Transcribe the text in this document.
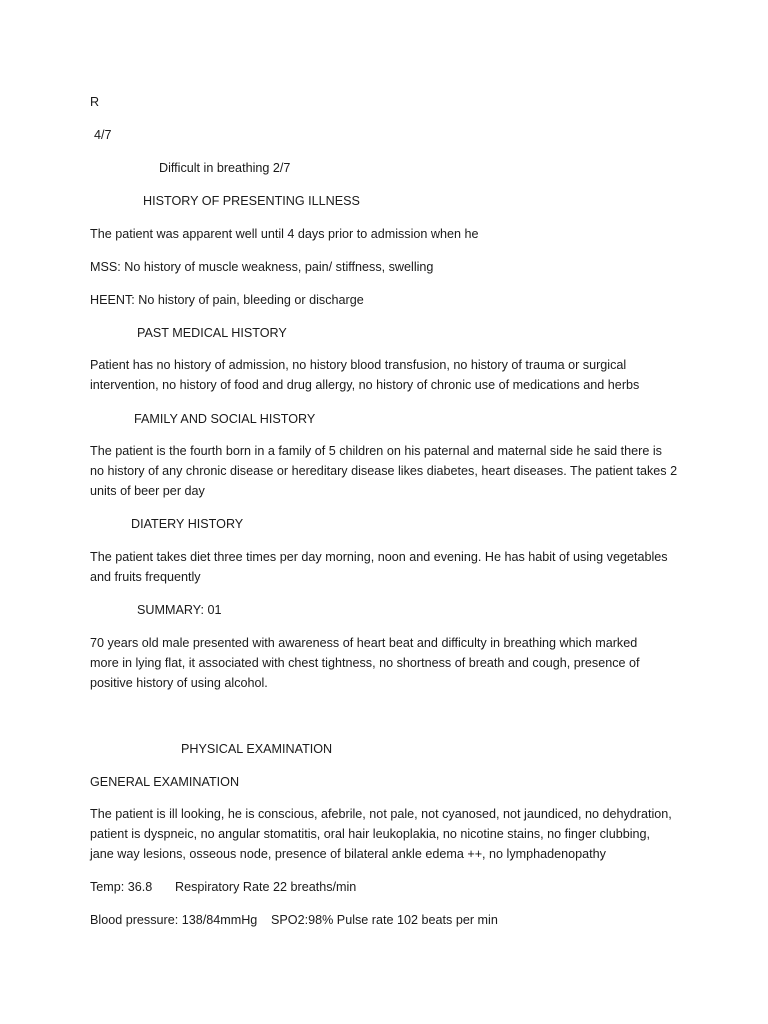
R
4/7
Difficult in breathing 2/7
HISTORY OF PRESENTING ILLNESS
The patient was apparent well until 4 days prior to admission when he
MSS: No history of muscle weakness, pain/ stiffness, swelling
HEENT: No history of pain, bleeding or discharge
PAST MEDICAL HISTORY
Patient has no history of admission, no history blood transfusion, no history of trauma or surgical
intervention, no history of food and drug allergy, no history of chronic use of medications and herbs
FAMILY AND SOCIAL HISTORY
The patient is the fourth born in a family of 5 children on his paternal and maternal side he said there is
no history of any chronic disease or hereditary disease likes diabetes, heart diseases. The patient takes 2
units of beer per day
DIATERY HISTORY
The patient takes diet three times per day morning, noon and evening. He has habit of using vegetables
and fruits frequently
SUMMARY: 01
70 years old male presented with awareness of heart beat and difficulty in breathing which marked
more in lying flat, it associated with chest tightness, no shortness of breath and cough, presence of
positive history of using alcohol.
PHYSICAL EXAMINATION
GENERAL EXAMINATION
The patient is ill looking, he is conscious, afebrile, not pale, not cyanosed, not jaundiced, no dehydration,
patient is dyspneic, no angular stomatitis, oral hair leukoplakia, no nicotine stains, no finger clubbing,
jane way lesions, osseous node, presence of bilateral ankle edema ++, no lymphadenopathy
Temp: 36.8 Respiratory Rate 22 breaths/min
Blood pressure: 138/84mmHg SPO2:98% Pulse rate 102 beats per min
